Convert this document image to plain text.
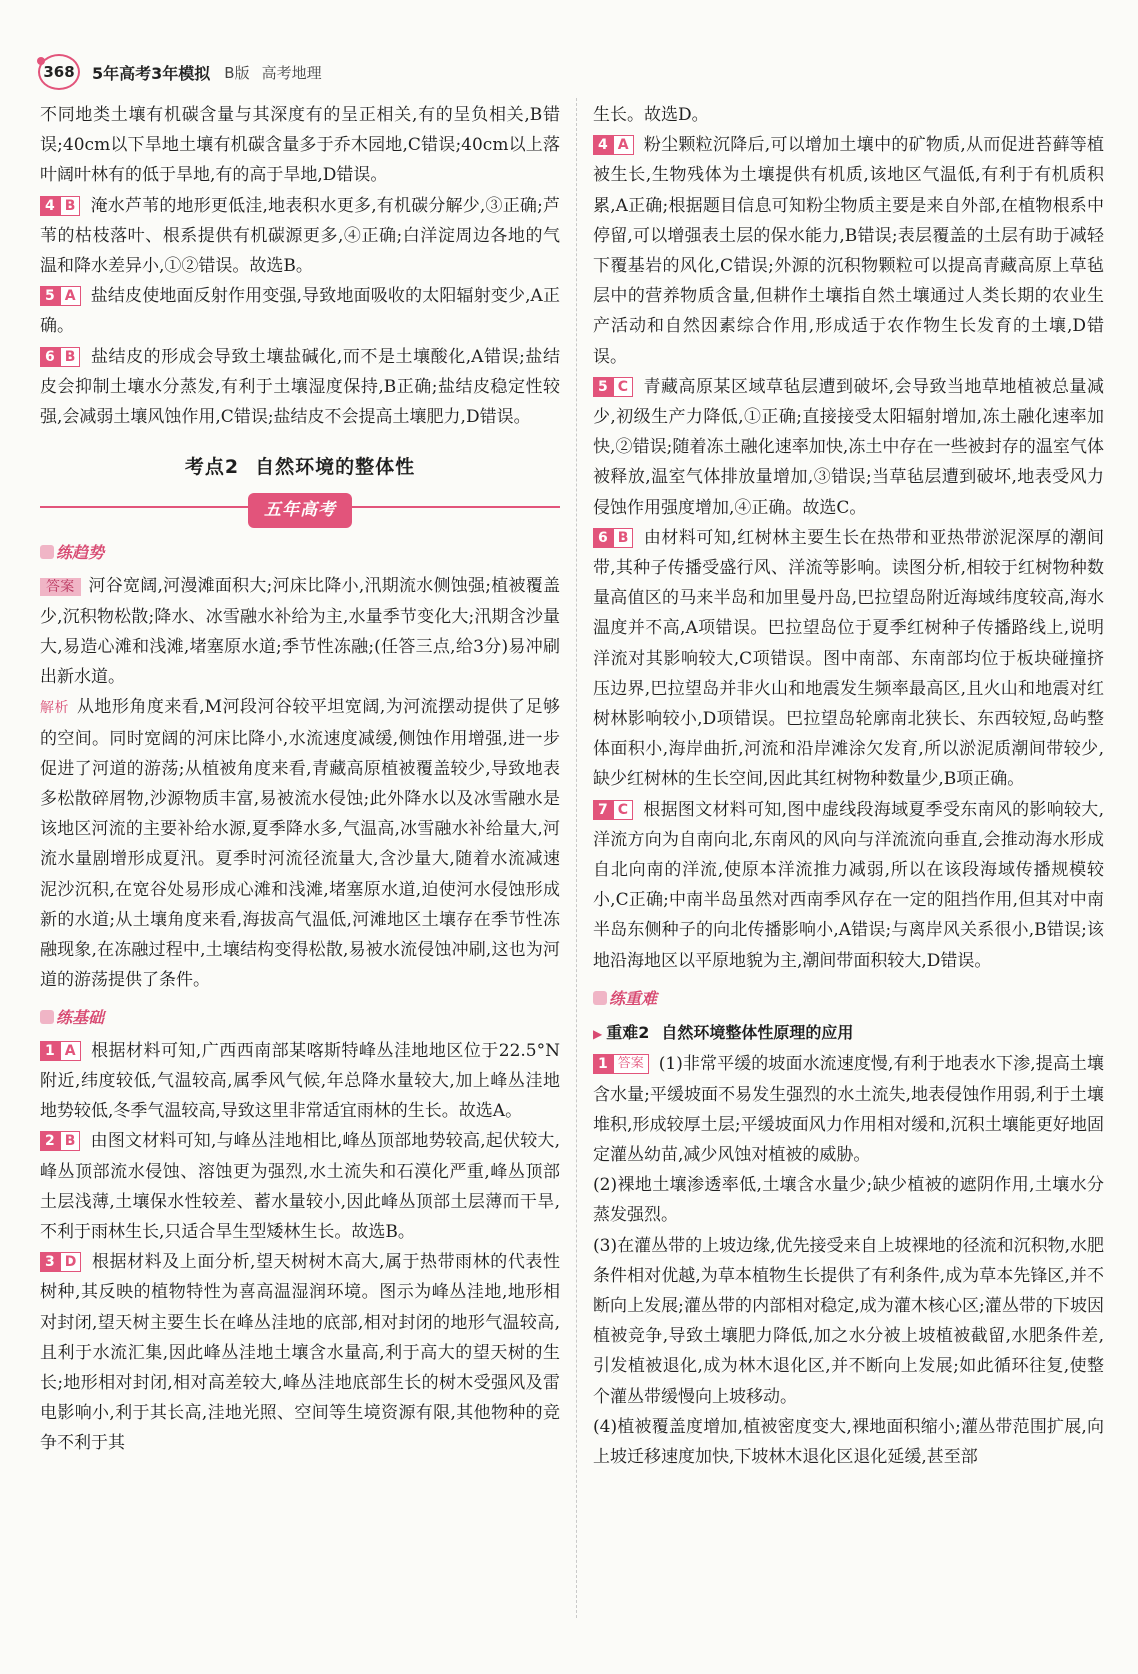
368 5年高考3年模拟 B版 高考地理

不同地类土壤有机碳含量与其深度有的呈正相关,有的呈负相关,B错误;40cm以下旱地土壤有机碳含量多于乔木园地,C错误;40cm以上落叶阔叶林有的低于旱地,有的高于旱地,D错误。

4 B 淹水芦苇的地形更低洼,地表积水更多,有机碳分解少,③正确;芦苇的枯枝落叶、根系提供有机碳源更多,④正确;白洋淀周边各地的气温和降水差异小,①②错误。故选B。

5 A 盐结皮使地面反射作用变强,导致地面吸收的太阳辐射变少,A正确。

6 B 盐结皮的形成会导致土壤盐碱化,而不是土壤酸化,A错误;盐结皮会抑制土壤水分蒸发,有利于土壤湿度保持,B正确;盐结皮稳定性较强,会减弱土壤风蚀作用,C错误;盐结皮不会提高土壤肥力,D错误。

考点2 自然环境的整体性
五年高考
练趋势

答案 河谷宽阔,河漫滩面积大;河床比降小,汛期流水侧蚀强;植被覆盖少,沉积物松散;降水、冰雪融水补给为主,水量季节变化大;汛期含沙量大,易造心滩和浅滩,堵塞原水道;季节性冻融;(任答三点,给3分)易冲刷出新水道。

解析 从地形角度来看,M河段河谷较平坦宽阔,为河流摆动提供了足够的空间。同时宽阔的河床比降小,水流速度减缓,侧蚀作用增强,进一步促进了河道的游荡;从植被角度来看,青藏高原植被覆盖较少,导致地表多松散碎屑物,沙源物质丰富,易被流水侵蚀;此外降水以及冰雪融水是该地区河流的主要补给水源,夏季降水多,气温高,冰雪融水补给量大,河流水量剧增形成夏汛。夏季时河流径流量大,含沙量大,随着水流减速泥沙沉积,在宽谷处易形成心滩和浅滩,堵塞原水道,迫使河水侵蚀形成新的水道;从土壤角度来看,海拔高气温低,河滩地区土壤存在季节性冻融现象,在冻融过程中,土壤结构变得松散,易被水流侵蚀冲刷,这也为河道的游荡提供了条件。

练基础

1 A 根据材料可知,广西西南部某喀斯特峰丛洼地地区位于22.5°N附近,纬度较低,气温较高,属季风气候,年总降水量较大,加上峰丛洼地地势较低,冬季气温较高,导致这里非常适宜雨林的生长。故选A。

2 B 由图文材料可知,与峰丛洼地相比,峰丛顶部地势较高,起伏较大,峰丛顶部流水侵蚀、溶蚀更为强烈,水土流失和石漠化严重,峰丛顶部土层浅薄,土壤保水性较差、蓄水量较小,因此峰丛顶部土层薄而干旱,不利于雨林生长,只适合旱生型矮林生长。故选B。

3 D 根据材料及上面分析,望天树树木高大,属于热带雨林的代表性树种,其反映的植物特性为喜高温湿润环境。图示为峰丛洼地,地形相对封闭,望天树主要生长在峰丛洼地的底部,相对封闭的地形气温较高,且利于水流汇集,因此峰丛洼地土壤含水量高,利于高大的望天树的生长;地形相对封闭,相对高差较大,峰丛洼地底部生长的树木受强风及雷电影响小,利于其长高,洼地光照、空间等生境资源有限,其他物种的竞争不利于其

生长。故选D。

4 A 粉尘颗粒沉降后,可以增加土壤中的矿物质,从而促进苔藓等植被生长,生物残体为土壤提供有机质,该地区气温低,有利于有机质积累,A正确;根据题目信息可知粉尘物质主要是来自外部,在植物根系中停留,可以增强表土层的保水能力,B错误;表层覆盖的土层有助于减轻下覆基岩的风化,C错误;外源的沉积物颗粒可以提高青藏高原上草毡层中的营养物质含量,但耕作土壤指自然土壤通过人类长期的农业生产活动和自然因素综合作用,形成适于农作物生长发育的土壤,D错误。

5 C 青藏高原某区域草毡层遭到破坏,会导致当地草地植被总量减少,初级生产力降低,①正确;直接接受太阳辐射增加,冻土融化速率加快,②错误;随着冻土融化速率加快,冻土中存在一些被封存的温室气体被释放,温室气体排放量增加,③错误;当草毡层遭到破坏,地表受风力侵蚀作用强度增加,④正确。故选C。

6 B 由材料可知,红树林主要生长在热带和亚热带淤泥深厚的潮间带,其种子传播受盛行风、洋流等影响。读图分析,相较于红树物种数量高值区的马来半岛和加里曼丹岛,巴拉望岛附近海域纬度较高,海水温度并不高,A项错误。巴拉望岛位于夏季红树种子传播路线上,说明洋流对其影响较大,C项错误。图中南部、东南部均位于板块碰撞挤压边界,巴拉望岛并非火山和地震发生频率最高区,且火山和地震对红树林影响较小,D项错误。巴拉望岛轮廓南北狭长、东西较短,岛屿整体面积小,海岸曲折,河流和沿岸滩涂欠发育,所以淤泥质潮间带较少,缺少红树林的生长空间,因此其红树物种数量少,B项正确。

7 C 根据图文材料可知,图中虚线段海域夏季受东南风的影响较大,洋流方向为自南向北,东南风的风向与洋流流向垂直,会推动海水形成自北向南的洋流,使原本洋流推力减弱,所以在该段海域传播规模较小,C正确;中南半岛虽然对西南季风存在一定的阻挡作用,但其对中南半岛东侧种子的向北传播影响小,A错误;与离岸风关系很小,B错误;该地沿海地区以平原地貌为主,潮间带面积较大,D错误。

练重难
▶ 重难2 自然环境整体性原理的应用

1 答案 (1)非常平缓的坡面水流速度慢,有利于地表水下渗,提高土壤含水量;平缓坡面不易发生强烈的水土流失,地表侵蚀作用弱,利于土壤堆积,形成较厚土层;平缓坡面风力作用相对缓和,沉积土壤能更好地固定灌丛幼苗,减少风蚀对植被的威胁。

(2)裸地土壤渗透率低,土壤含水量少;缺少植被的遮阴作用,土壤水分蒸发强烈。

(3)在灌丛带的上坡边缘,优先接受来自上坡裸地的径流和沉积物,水肥条件相对优越,为草本植物生长提供了有利条件,成为草本先锋区,并不断向上发展;灌丛带的内部相对稳定,成为灌木核心区;灌丛带的下坡因植被竞争,导致土壤肥力降低,加之水分被上坡植被截留,水肥条件差,引发植被退化,成为林木退化区,并不断向上发展;如此循环往复,使整个灌丛带缓慢向上坡移动。

(4)植被覆盖度增加,植被密度变大,裸地面积缩小;灌丛带范围扩展,向上坡迁移速度加快,下坡林木退化区退化延缓,甚至部
